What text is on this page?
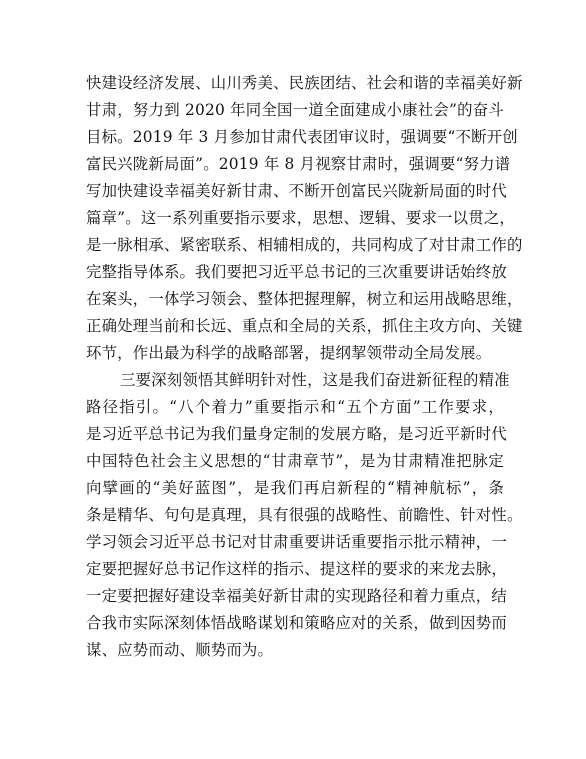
快建设经济发展、山川秀美、民族团结、社会和谐的幸福美好新
甘肃，努力到 2020 年同全国一道全面建成小康社会”的奋斗
目标。2019 年 3 月参加甘肃代表团审议时，强调要“不断开创
富民兴陇新局面”。2019 年 8 月视察甘肃时，强调要“努力谱
写加快建设幸福美好新甘肃、不断开创富民兴陇新局面的时代
篇章”。这一系列重要指示要求，思想、逻辑、要求一以贯之，
是一脉相承、紧密联系、相辅相成的，共同构成了对甘肃工作的
完整指导体系。我们要把习近平总书记的三次重要讲话始终放
在案头，一体学习领会、整体把握理解，树立和运用战略思维，
正确处理当前和长远、重点和全局的关系，抓住主攻方向、关键
环节，作出最为科学的战略部署，提纲挈领带动全局发展。
三要深刻领悟其鲜明针对性，这是我们奋进新征程的精准
路径指引。“八个着力”重要指示和“五个方面”工作要求，
是习近平总书记为我们量身定制的发展方略，是习近平新时代
中国特色社会主义思想的“甘肃章节”，是为甘肃精准把脉定
向擘画的“美好蓝图”，是我们再启新程的“精神航标”，条
条是精华、句句是真理，具有很强的战略性、前瞻性、针对性。
学习领会习近平总书记对甘肃重要讲话重要指示批示精神，一
定要把握好总书记作这样的指示、提这样的要求的来龙去脉，
一定要把握好建设幸福美好新甘肃的实现路径和着力重点，结
合我市实际深刻体悟战略谋划和策略应对的关系，做到因势而
谋、应势而动、顺势而为。
